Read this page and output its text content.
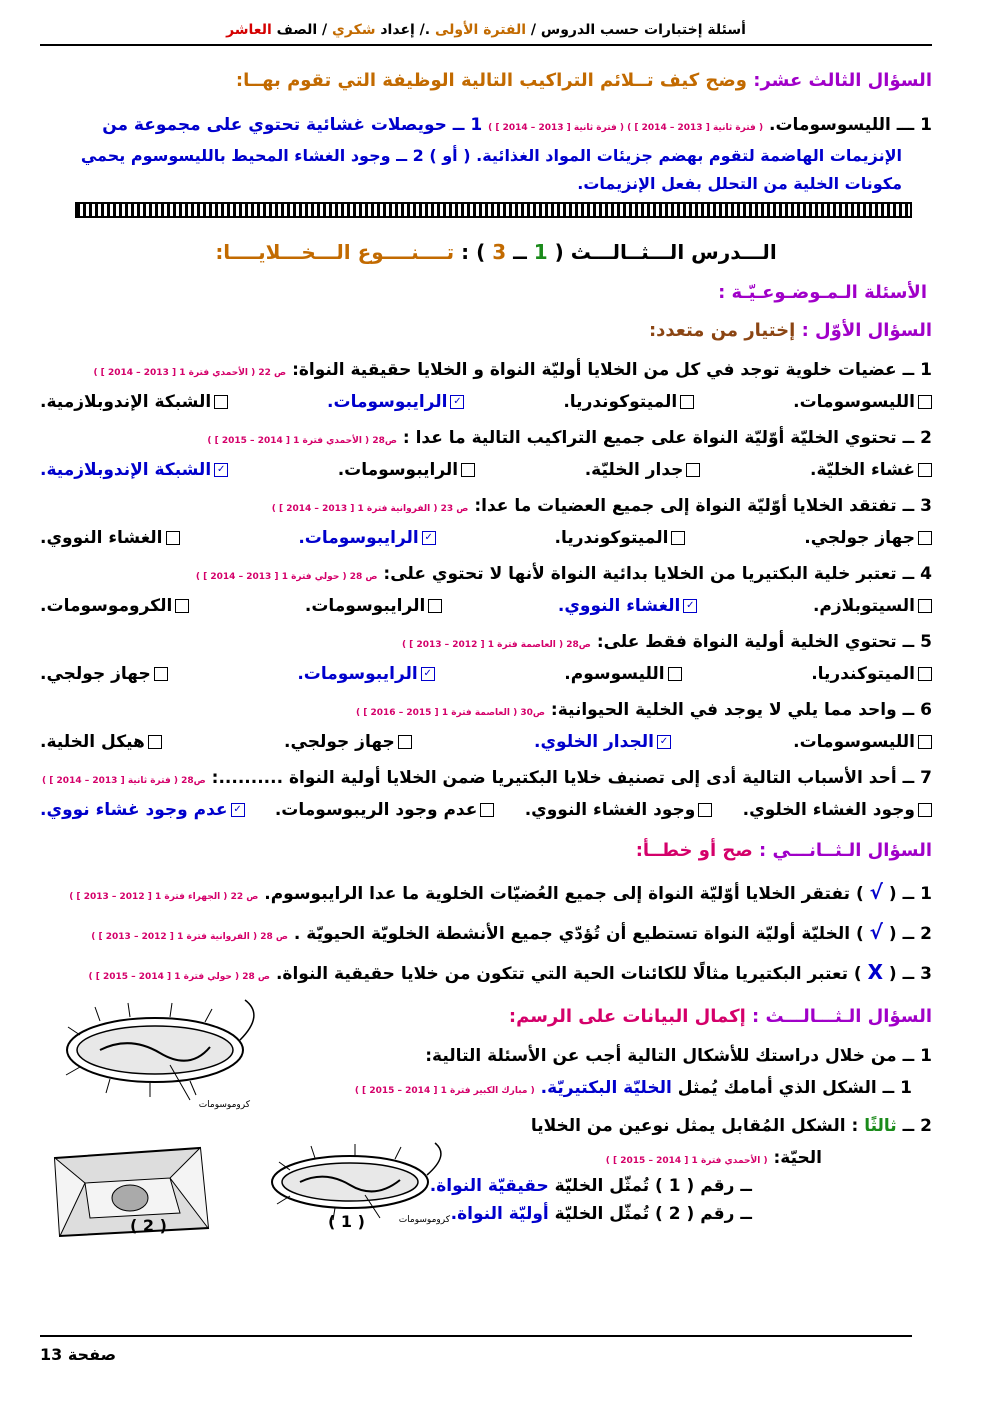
أسئلة إختبارات حسب الدروس / الفترة الأولى ./ إعداد شكري / الصف العاشر
السؤال الثالث عشر: وضح كيف تــلائم التراكيب التالية الوظيفة التي تقوم بهــا:
1 ـــ الليسوسومات. ( فترة ثانية [ 2013 – 2014 ] ) ( فترة ثانية [ 2013 – 2014 ] ) 1 ــ حويصلات غشائية تحتوي على مجموعة من
الإنزيمات الهاضمة لتقوم بهضم جزيئات المواد الغذائية. ( أو ) 2 ــ وجود الغشاء المحيط بالليسوسوم يحمي
مكونات الخلية من التحلل بفعل الإنزيمات.
الـــدرس الـــثــالـــث ( 1 ــ 3 ) : تــــنــــوع الـــخـــلايــــا:
الأسئلة الـمـوضـوعـيّـة :
السؤال الأوّل : إختيار من متعدد:
1 ــ عضيات خلوية توجد في كل من الخلايا أوليّة النواة و الخلايا حقيقية النواة: ص 22 ( الأحمدي فترة 1 [ 2013 – 2014 ] )
الليسوسومات.
الميتوكوندريا.
✓
الرايبوسومات.
الشبكة الإندوبلازمية.
2 ــ تحتوي الخليّة أوّليّة النواة على جميع التراكيب التالية ما عدا : ص28 ( الأحمدي فترة 1 [ 2014 – 2015 ] )
غشاء الخليّة.
جدار الخليّة.
الرايبوسومات.
✓
الشبكة الإندوبلازمية.
3 ــ تفتقد الخلايا أوّليّة النواة إلى جميع العضيات ما عدا: ص 23 ( الفروانية فترة 1 [ 2013 – 2014 ] )
جهاز جولجي.
الميتوكوندريا.
✓
الرايبوسومات.
الغشاء النووي.
4 ــ تعتبر خلية البكتيريا من الخلايا بدائية النواة لأنها لا تحتوي على: ص 28 ( حولي فترة 1 [ 2013 – 2014 ] )
السيتوبلازم.
✓
الغشاء النووي.
الرايبوسومات.
الكروموسومات.
5 ــ تحتوي الخلية أولية النواة فقط على: ص28 ( العاصمة فترة 1 [ 2012 – 2013 ] )
الميتوكندريا.
الليسوسوم.
✓
الرايبوسومات.
جهاز جولجي.
6 ــ واحد مما يلي لا يوجد في الخلية الحيوانية: ص30 ( العاصمة فترة 1 [ 2015 – 2016 ] )
الليسوسومات.
✓
الجدار الخلوي.
جهاز جولجي.
هيكل الخلية.
7 ــ أحد الأسباب التالية أدى إلى تصنيف خلايا البكتيريا ضمن الخلايا أولية النواة ..........: ص28 ( فترة ثانية [ 2013 – 2014 ] )
وجود الغشاء الخلوي.
وجود الغشاء النووي.
عدم وجود الريبوسومات.
✓
عدم وجود غشاء نووي.
السؤال الـثــانـــي : صح أو خطــأ:
1 ــ ( √ ) تفتقر الخلايا أوّليّة النواة إلى جميع العُضيّات الخلوية ما عدا الرايبوسوم. ص 22 ( الجهراء فترة 1 [ 2012 – 2013 ] )
2 ــ ( √ ) الخليّة أوليّة النواة تستطيع أن تُؤدّي جميع الأنشطة الخلويّة الحيويّة . ص 28 ( الفروانية فترة 1 [ 2012 – 2013 ] )
3 ــ ( X ) تعتبر البكتيريا مثالًا للكائنات الحية التي تتكون من خلايا حقيقية النواة. ص 28 ( حولي فترة 1 [ 2014 – 2015 ] )
السؤال الـثـــالـــث : إكمال البيانات على الرسم:
1 ــ من خلال دراستك للأشكال التالية أجب عن الأسئلة التالية:
1 ــ الشكل الذي أمامك يُمثل الخليّة البكتيريّة. ( مبارك الكبير فترة 1 [ 2014 – 2015 ] )
2 ــ ثالثًا : الشكل المُقابل يمثل نوعين من الخلايا
الحيّة: ( الأحمدي فترة 1 [ 2014 – 2015 ] )
ــ رقم ( 1 ) تُمثّل الخليّة حقيقيّة النواة.
ــ رقم ( 2 ) تُمثّل الخليّة أوليّة النواة.
كروموسومات
( 2 )	كروموسومات
( 1 )
صفحة 13
